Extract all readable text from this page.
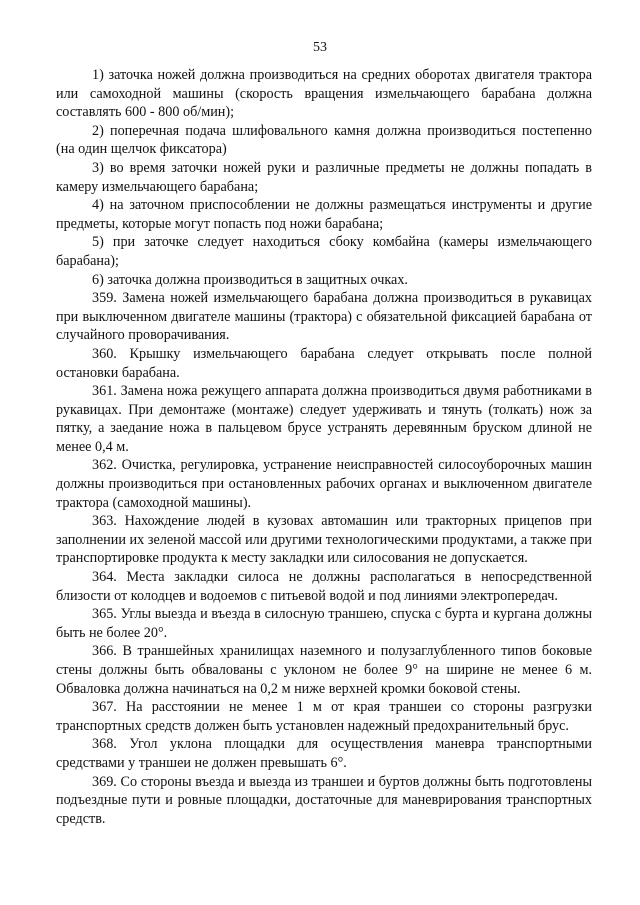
53

1) заточка ножей должна производиться на средних оборотах двигателя трактора или самоходной машины (скорость вращения измельчающего барабана должна составлять 600 - 800 об/мин);

2) поперечная подача шлифовального камня должна производиться постепенно (на один щелчок фиксатора)

3) во время заточки ножей руки и различные предметы не должны попадать в камеру измельчающего барабана;

4) на заточном приспособлении не должны размещаться инструменты и другие предметы, которые могут попасть под ножи барабана;

5) при заточке следует находиться сбоку комбайна (камеры измельчающего барабана);

6) заточка должна производиться в защитных очках.

359. Замена ножей измельчающего барабана должна производиться в рукавицах при выключенном двигателе машины (трактора) с обязательной фиксацией барабана от случайного проворачивания.

360. Крышку измельчающего барабана следует открывать после полной остановки барабана.

361. Замена ножа режущего аппарата должна производиться двумя работниками в рукавицах. При демонтаже (монтаже) следует удерживать и тянуть (толкать) нож за пятку, а заедание ножа в пальцевом брусе устранять деревянным бруском длиной не менее 0,4 м.

362. Очистка, регулировка, устранение неисправностей силосоуборочных машин должны производиться при остановленных рабочих органах и выключенном двигателе трактора (самоходной машины).

363. Нахождение людей в кузовах автомашин или тракторных прицепов при заполнении их зеленой массой или другими технологическими продуктами, а также при транспортировке продукта к месту закладки или силосования не допускается.

364. Места закладки силоса не должны располагаться в непосредственной близости от колодцев и водоемов с питьевой водой и под линиями электропередач.

365. Углы выезда и въезда в силосную траншею, спуска с бурта и кургана должны быть не более 20°.

366. В траншейных хранилищах наземного и полузаглубленного типов боковые стены должны быть обвалованы с уклоном не более 9° на ширине не менее 6 м. Обваловка должна начинаться на 0,2 м ниже верхней кромки боковой стены.

367. На расстоянии не менее 1 м от края траншеи со стороны разгрузки транспортных средств должен быть установлен надежный предохранительный брус.

368. Угол уклона площадки для осуществления маневра транспортными средствами у траншеи не должен превышать 6°.

369. Со стороны въезда и выезда из траншеи и буртов должны быть подготовлены подъездные пути и ровные площадки, достаточные для маневрирования транспортных средств.
